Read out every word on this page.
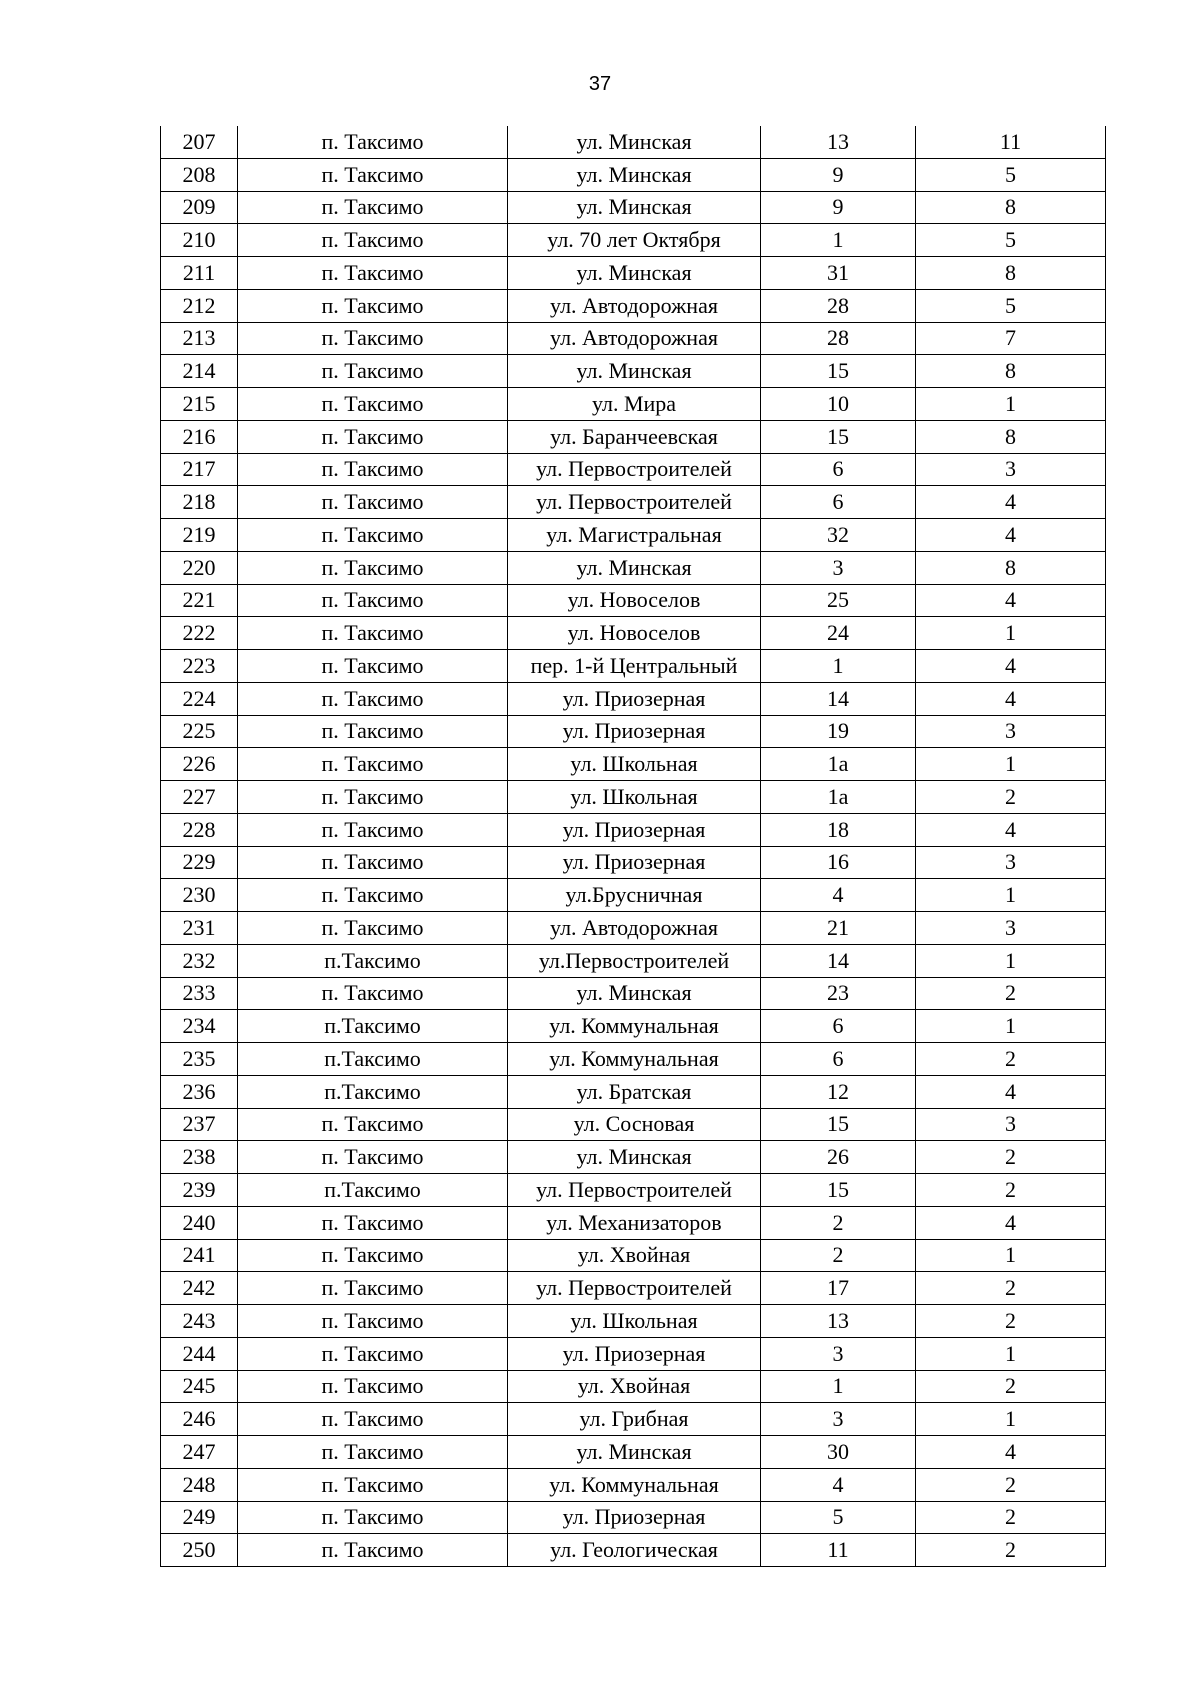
37
207	п. Таксимо	ул. Минская	13	11
208	п. Таксимо	ул. Минская	9	5
209	п. Таксимо	ул. Минская	9	8
210	п. Таксимо	ул. 70 лет Октября	1	5
211	п. Таксимо	ул. Минская	31	8
212	п. Таксимо	ул. Автодорожная	28	5
213	п. Таксимо	ул. Автодорожная	28	7
214	п. Таксимо	ул. Минская	15	8
215	п. Таксимо	ул. Мира	10	1
216	п. Таксимо	ул. Баранчеевская	15	8
217	п. Таксимо	ул. Первостроителей	6	3
218	п. Таксимо	ул. Первостроителей	6	4
219	п. Таксимо	ул. Магистральная	32	4
220	п. Таксимо	ул. Минская	3	8
221	п. Таксимо	ул. Новоселов	25	4
222	п. Таксимо	ул. Новоселов	24	1
223	п. Таксимо	пер. 1-й Центральный	1	4
224	п. Таксимо	ул. Приозерная	14	4
225	п. Таксимо	ул. Приозерная	19	3
226	п. Таксимо	ул. Школьная	1а	1
227	п. Таксимо	ул. Школьная	1а	2
228	п. Таксимо	ул. Приозерная	18	4
229	п. Таксимо	ул. Приозерная	16	3
230	п. Таксимо	ул.Брусничная	4	1
231	п. Таксимо	ул. Автодорожная	21	3
232	п.Таксимо	ул.Первостроителей	14	1
233	п. Таксимо	ул. Минская	23	2
234	п.Таксимо	ул. Коммунальная	6	1
235	п.Таксимо	ул. Коммунальная	6	2
236	п.Таксимо	ул. Братская	12	4
237	п. Таксимо	ул. Сосновая	15	3
238	п. Таксимо	ул. Минская	26	2
239	п.Таксимо	ул. Первостроителей	15	2
240	п. Таксимо	ул. Механизаторов	2	4
241	п. Таксимо	ул. Хвойная	2	1
242	п. Таксимо	ул. Первостроителей	17	2
243	п. Таксимо	ул. Школьная	13	2
244	п. Таксимо	ул. Приозерная	3	1
245	п. Таксимо	ул. Хвойная	1	2
246	п. Таксимо	ул. Грибная	3	1
247	п. Таксимо	ул. Минская	30	4
248	п. Таксимо	ул. Коммунальная	4	2
249	п. Таксимо	ул. Приозерная	5	2
250	п. Таксимо	ул. Геологическая	11	2
